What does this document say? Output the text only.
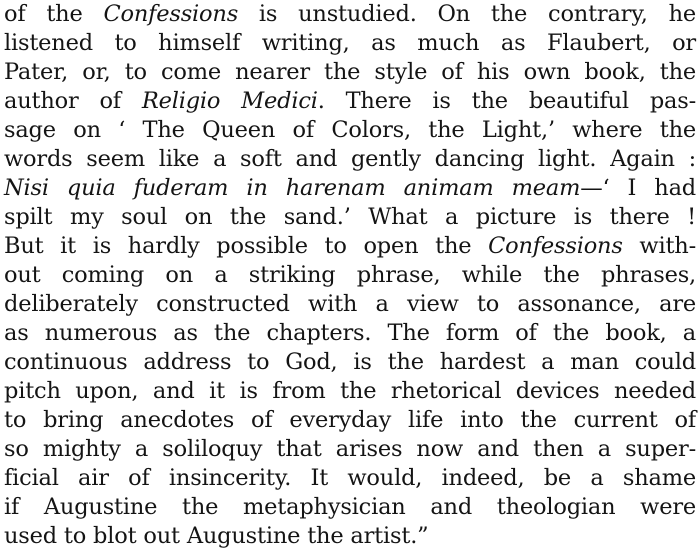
of the Confessions is unstudied. On the contrary, he
listened to himself writing, as much as Flaubert, or
Pater, or, to come nearer the style of his own book, the
author of Religio Medici. There is the beautiful pas-
sage on ‘ The Queen of Colors, the Light,’ where the
words seem like a soft and gently dancing light. Again :
Nisi quia fuderam in harenam animam meam—‘ I had
spilt my soul on the sand.’ What a picture is there !
But it is hardly possible to open the Confessions with-
out coming on a striking phrase, while the phrases,
deliberately constructed with a view to assonance, are
as numerous as the chapters. The form of the book, a
continuous address to God, is the hardest a man could
pitch upon, and it is from the rhetorical devices needed
to bring anecdotes of everyday life into the current of
so mighty a soliloquy that arises now and then a super-
ficial air of insincerity. It would, indeed, be a shame
if Augustine the metaphysician and theologian were
used to blot out Augustine the artist.”
